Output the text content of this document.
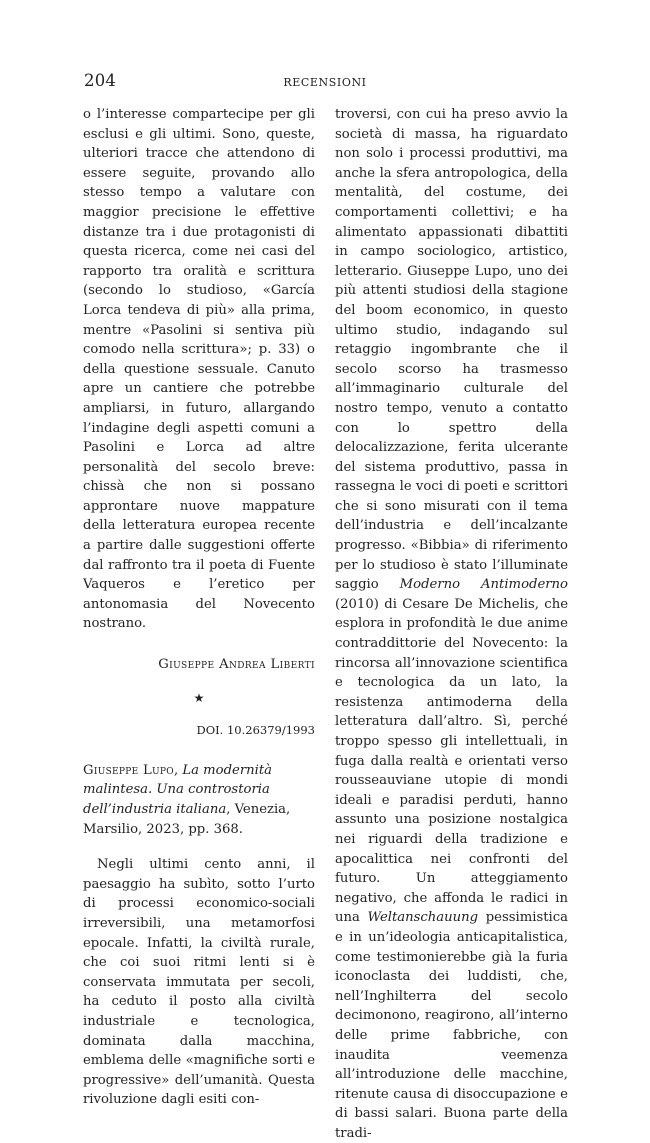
204	RECENSIONI

o l’interesse compartecipe per gli esclusi e gli ultimi. Sono, queste, ulteriori tracce che attendono di essere seguite, provando allo stesso tempo a valutare con maggior precisione le effettive distanze tra i due protagonisti di questa ricerca, come nei casi del rapporto tra oralità e scrittura (secondo lo studioso, «García Lorca tendeva di più» alla prima, mentre «Pasolini si sentiva più comodo nella scrittura»; p. 33) o della questione sessuale. Canuto apre un cantiere che potrebbe ampliarsi, in futuro, allargando l’indagine degli aspetti comuni a Pasolini e Lorca ad altre personalità del secolo breve: chissà che non si possano approntare nuove mappature della letteratura europea recente a partire dalle suggestioni offerte dal raffronto tra il poeta di Fuente Vaqueros e l’eretico per antonomasia del Novecento nostrano.

Giuseppe Andrea Liberti

★

DOI. 10.26379/1993

Giuseppe Lupo, La modernità malintesa. Una controstoria dell’industria italiana, Venezia, Marsilio, 2023, pp. 368.

Negli ultimi cento anni, il paesaggio ha subìto, sotto l’urto di processi economico-sociali irreversibili, una metamorfosi epocale. Infatti, la civiltà rurale, che coi suoi ritmi lenti si è conservata immutata per secoli, ha ceduto il posto alla civiltà industriale e tecnologica, dominata dalla macchina, emblema delle «magnifiche sorti e progressive» dell’umanità. Questa rivoluzione dagli esiti con-

troversi, con cui ha preso avvio la società di massa, ha riguardato non solo i processi produttivi, ma anche la sfera antropologica, della mentalità, del costume, dei comportamenti collettivi; e ha alimentato appassionati dibattiti in campo sociologico, artistico, letterario. Giuseppe Lupo, uno dei più attenti studiosi della stagione del boom economico, in questo ultimo studio, indagando sul retaggio ingombrante che il secolo scorso ha trasmesso all’immaginario culturale del nostro tempo, venuto a contatto con lo spettro della delocalizzazione, ferita ulcerante del sistema produttivo, passa in rassegna le voci di poeti e scrittori che si sono misurati con il tema dell’industria e dell’incalzante progresso. «Bibbia» di riferimento per lo studioso è stato l’illuminate saggio Moderno Antimoderno (2010) di Cesare De Michelis, che esplora in profondità le due anime contraddittorie del Novecento: la rincorsa all’innovazione scientifica e tecnologica da un lato, la resistenza antimoderna della letteratura dall’altro. Sì, perché troppo spesso gli intellettuali, in fuga dalla realtà e orientati verso rousseauviane utopie di mondi ideali e paradisi perduti, hanno assunto una posizione nostalgica nei riguardi della tradizione e apocalittica nei confronti del futuro. Un atteggiamento negativo, che affonda le radici in una Weltanschauung pessimistica e in un’ideologia anticapitalistica, come testimonierebbe già la furia iconoclasta dei luddisti, che, nell’Inghilterra del secolo decimonono, reagirono, all’interno delle prime fabbriche, con inaudita veemenza all’introduzione delle macchine, ritenute causa di disoccupazione e di bassi salari. Buona parte della tradi-
